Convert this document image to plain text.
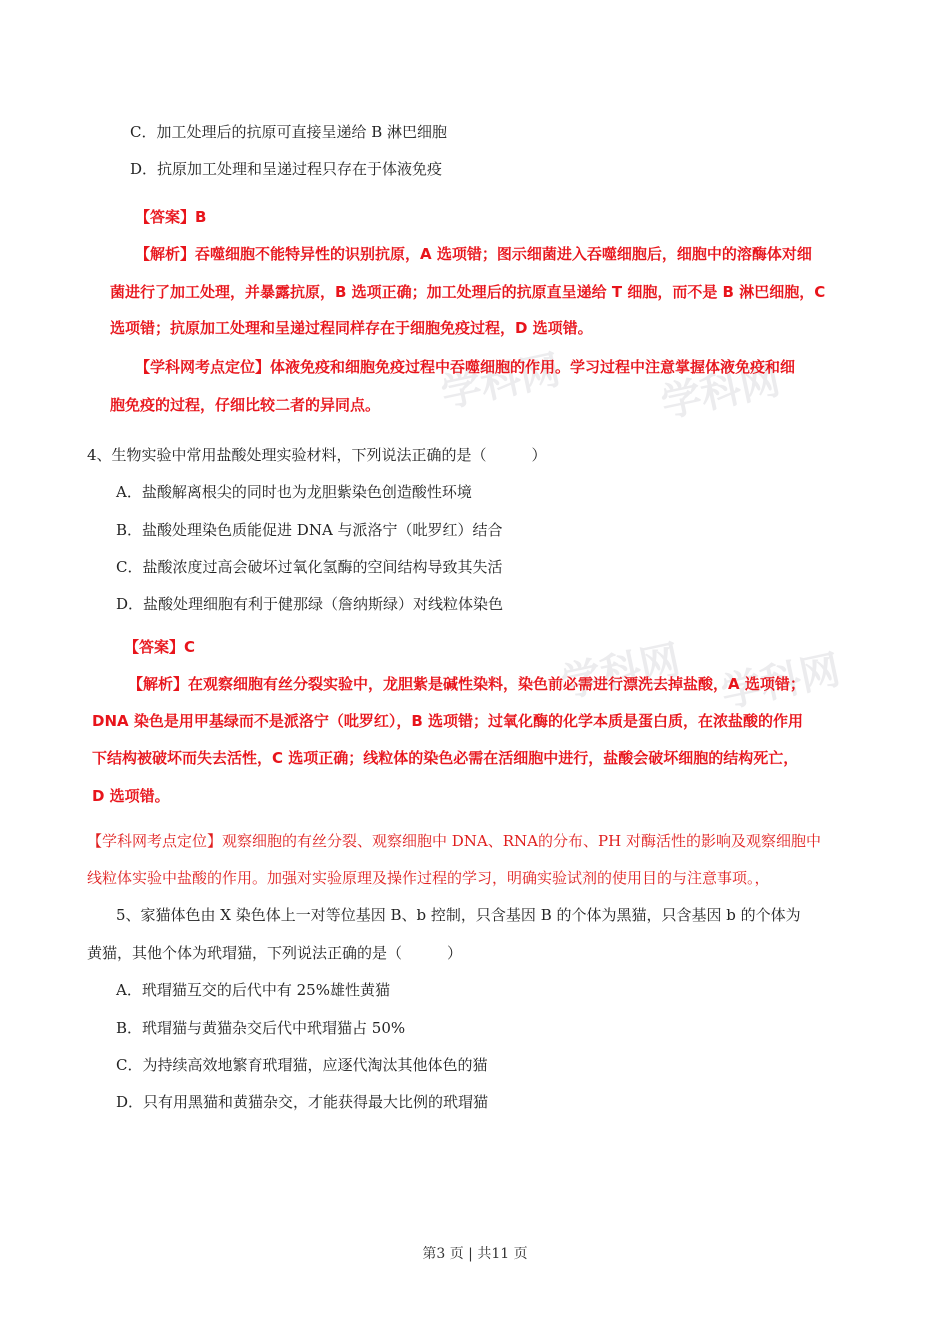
学科网 学科网
学科网 学科网
C．加工处理后的抗原可直接呈递给 B 淋巴细胞
D．抗原加工处理和呈递过程只存在于体液免疫
【答案】B
【解析】吞噬细胞不能特异性的识别抗原，A 选项错；图示细菌进入吞噬细胞后，细胞中的溶酶体对细
菌进行了加工处理，并暴露抗原，B 选项正确；加工处理后的抗原直呈递给 T 细胞，而不是 B 淋巴细胞，C
选项错；抗原加工处理和呈递过程同样存在于细胞免疫过程，D 选项错。
【学科网考点定位】体液免疫和细胞免疫过程中吞噬细胞的作用。学习过程中注意掌握体液免疫和细
胞免疫的过程，仔细比较二者的异同点。
4、生物实验中常用盐酸处理实验材料，下列说法正确的是（　　　）
A．盐酸解离根尖的同时也为龙胆紫染色创造酸性环境
B．盐酸处理染色质能促进 DNA 与派洛宁（吡罗红）结合
C．盐酸浓度过高会破坏过氧化氢酶的空间结构导致其失活
D．盐酸处理细胞有利于健那绿（詹纳斯绿）对线粒体染色
【答案】C
【解析】在观察细胞有丝分裂实验中，龙胆紫是碱性染料，染色前必需进行漂洗去掉盐酸，A 选项错；
DNA 染色是用甲基绿而不是派洛宁（吡罗红），B 选项错；过氧化酶的化学本质是蛋白质，在浓盐酸的作用
下结构被破坏而失去活性，C 选项正确；线粒体的染色必需在活细胞中进行，盐酸会破坏细胞的结构死亡，
D 选项错。
【学科网考点定位】观察细胞的有丝分裂、观察细胞中 DNA、RNA的分布、PH 对酶活性的影响及观察细胞中
线粒体实验中盐酸的作用。加强对实验原理及操作过程的学习，明确实验试剂的使用目的与注意事项。，
5、家猫体色由 X 染色体上一对等位基因 B、b 控制，只含基因 B 的个体为黑猫，只含基因 b 的个体为
黄猫，其他个体为玳瑁猫，下列说法正确的是（　　　）
A．玳瑁猫互交的后代中有 25%雄性黄猫
B．玳瑁猫与黄猫杂交后代中玳瑁猫占 50%
C．为持续高效地繁育玳瑁猫，应逐代淘汰其他体色的猫
D．只有用黑猫和黄猫杂交，才能获得最大比例的玳瑁猫
第3 页 | 共11 页
